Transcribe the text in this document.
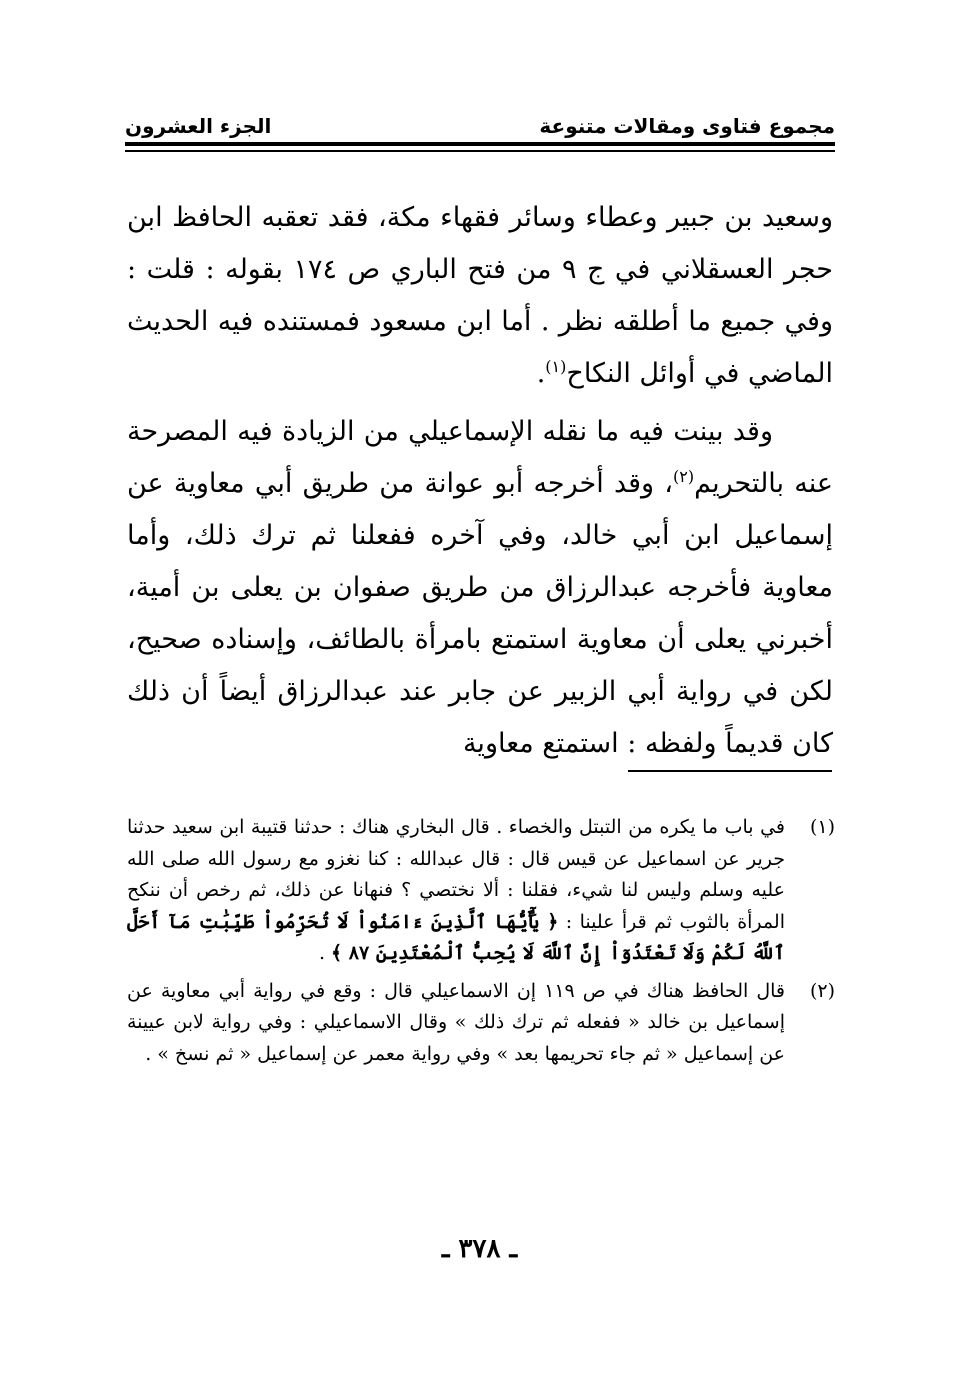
مجموع فتاوى ومقالات متنوعة
الجزء العشرون

وسعيد بن جبير وعطاء وسائر فقهاء مكة، فقد تعقبه الحافظ ابن حجر العسقلاني في ج ٩ من فتح الباري ص ١٧٤ بقوله : قلت : وفي جميع ما أطلقه نظر . أما ابن مسعود فمستنده فيه الحديث الماضي في أوائل النكاح$^{(١)}$.

وقد بينت فيه ما نقله الإسماعيلي من الزيادة فيه المصرحة عنه بالتحريم$^{(٢)}$، وقد أخرجه أبو عوانة من طريق أبي معاوية عن إسماعيل ابن أبي خالد، وفي آخره ففعلنا ثم ترك ذلك، وأما معاوية فأخرجه عبدالرزاق من طريق صفوان بن يعلى بن أمية، أخبرني يعلى أن معاوية استمتع بامرأة بالطائف، وإسناده صحيح، لكن في رواية أبي الزبير عن جابر عند عبدالرزاق أيضاً أن ذلك كان قديماً ولفظه : استمتع معاوية

(١)
في باب ما يكره من التبتل والخصاء . قال البخاري هناك : حدثنا قتيبة ابن سعيد حدثنا جرير عن اسماعيل عن قيس قال : قال عبدالله : كنا نغزو مع رسول الله صلى الله عليه وسلم وليس لنا شيء، فقلنا : ألا نختصي ؟ فنهانا عن ذلك، ثم رخص أن ننكح المرأة بالثوب ثم قرأ علينا : ﴿ يَٰٓأَيُّهَا ٱلَّذِينَ ءَامَنُواْ لَا تُحَرِّمُواْ طَيِّبَٰتِ مَآ أَحَلَّ ٱللَّهُ لَكُمْ وَلَا تَعْتَدُوٓاْ إِنَّ ٱللَّهَ لَا يُحِبُّ ٱلْمُعْتَدِينَ ٨٧ ﴾ .
(٢)
قال الحافظ هناك في ص ١١٩ إن الاسماعيلي قال : وقع في رواية أبي معاوية عن إسماعيل بن خالد « ففعله ثم ترك ذلك » وقال الاسماعيلي : وفي رواية لابن عيينة عن إسماعيل « ثم جاء تحريمها بعد » وفي رواية معمر عن إسماعيل « ثم نسخ » .
ـ ٣٧٨ ـ
